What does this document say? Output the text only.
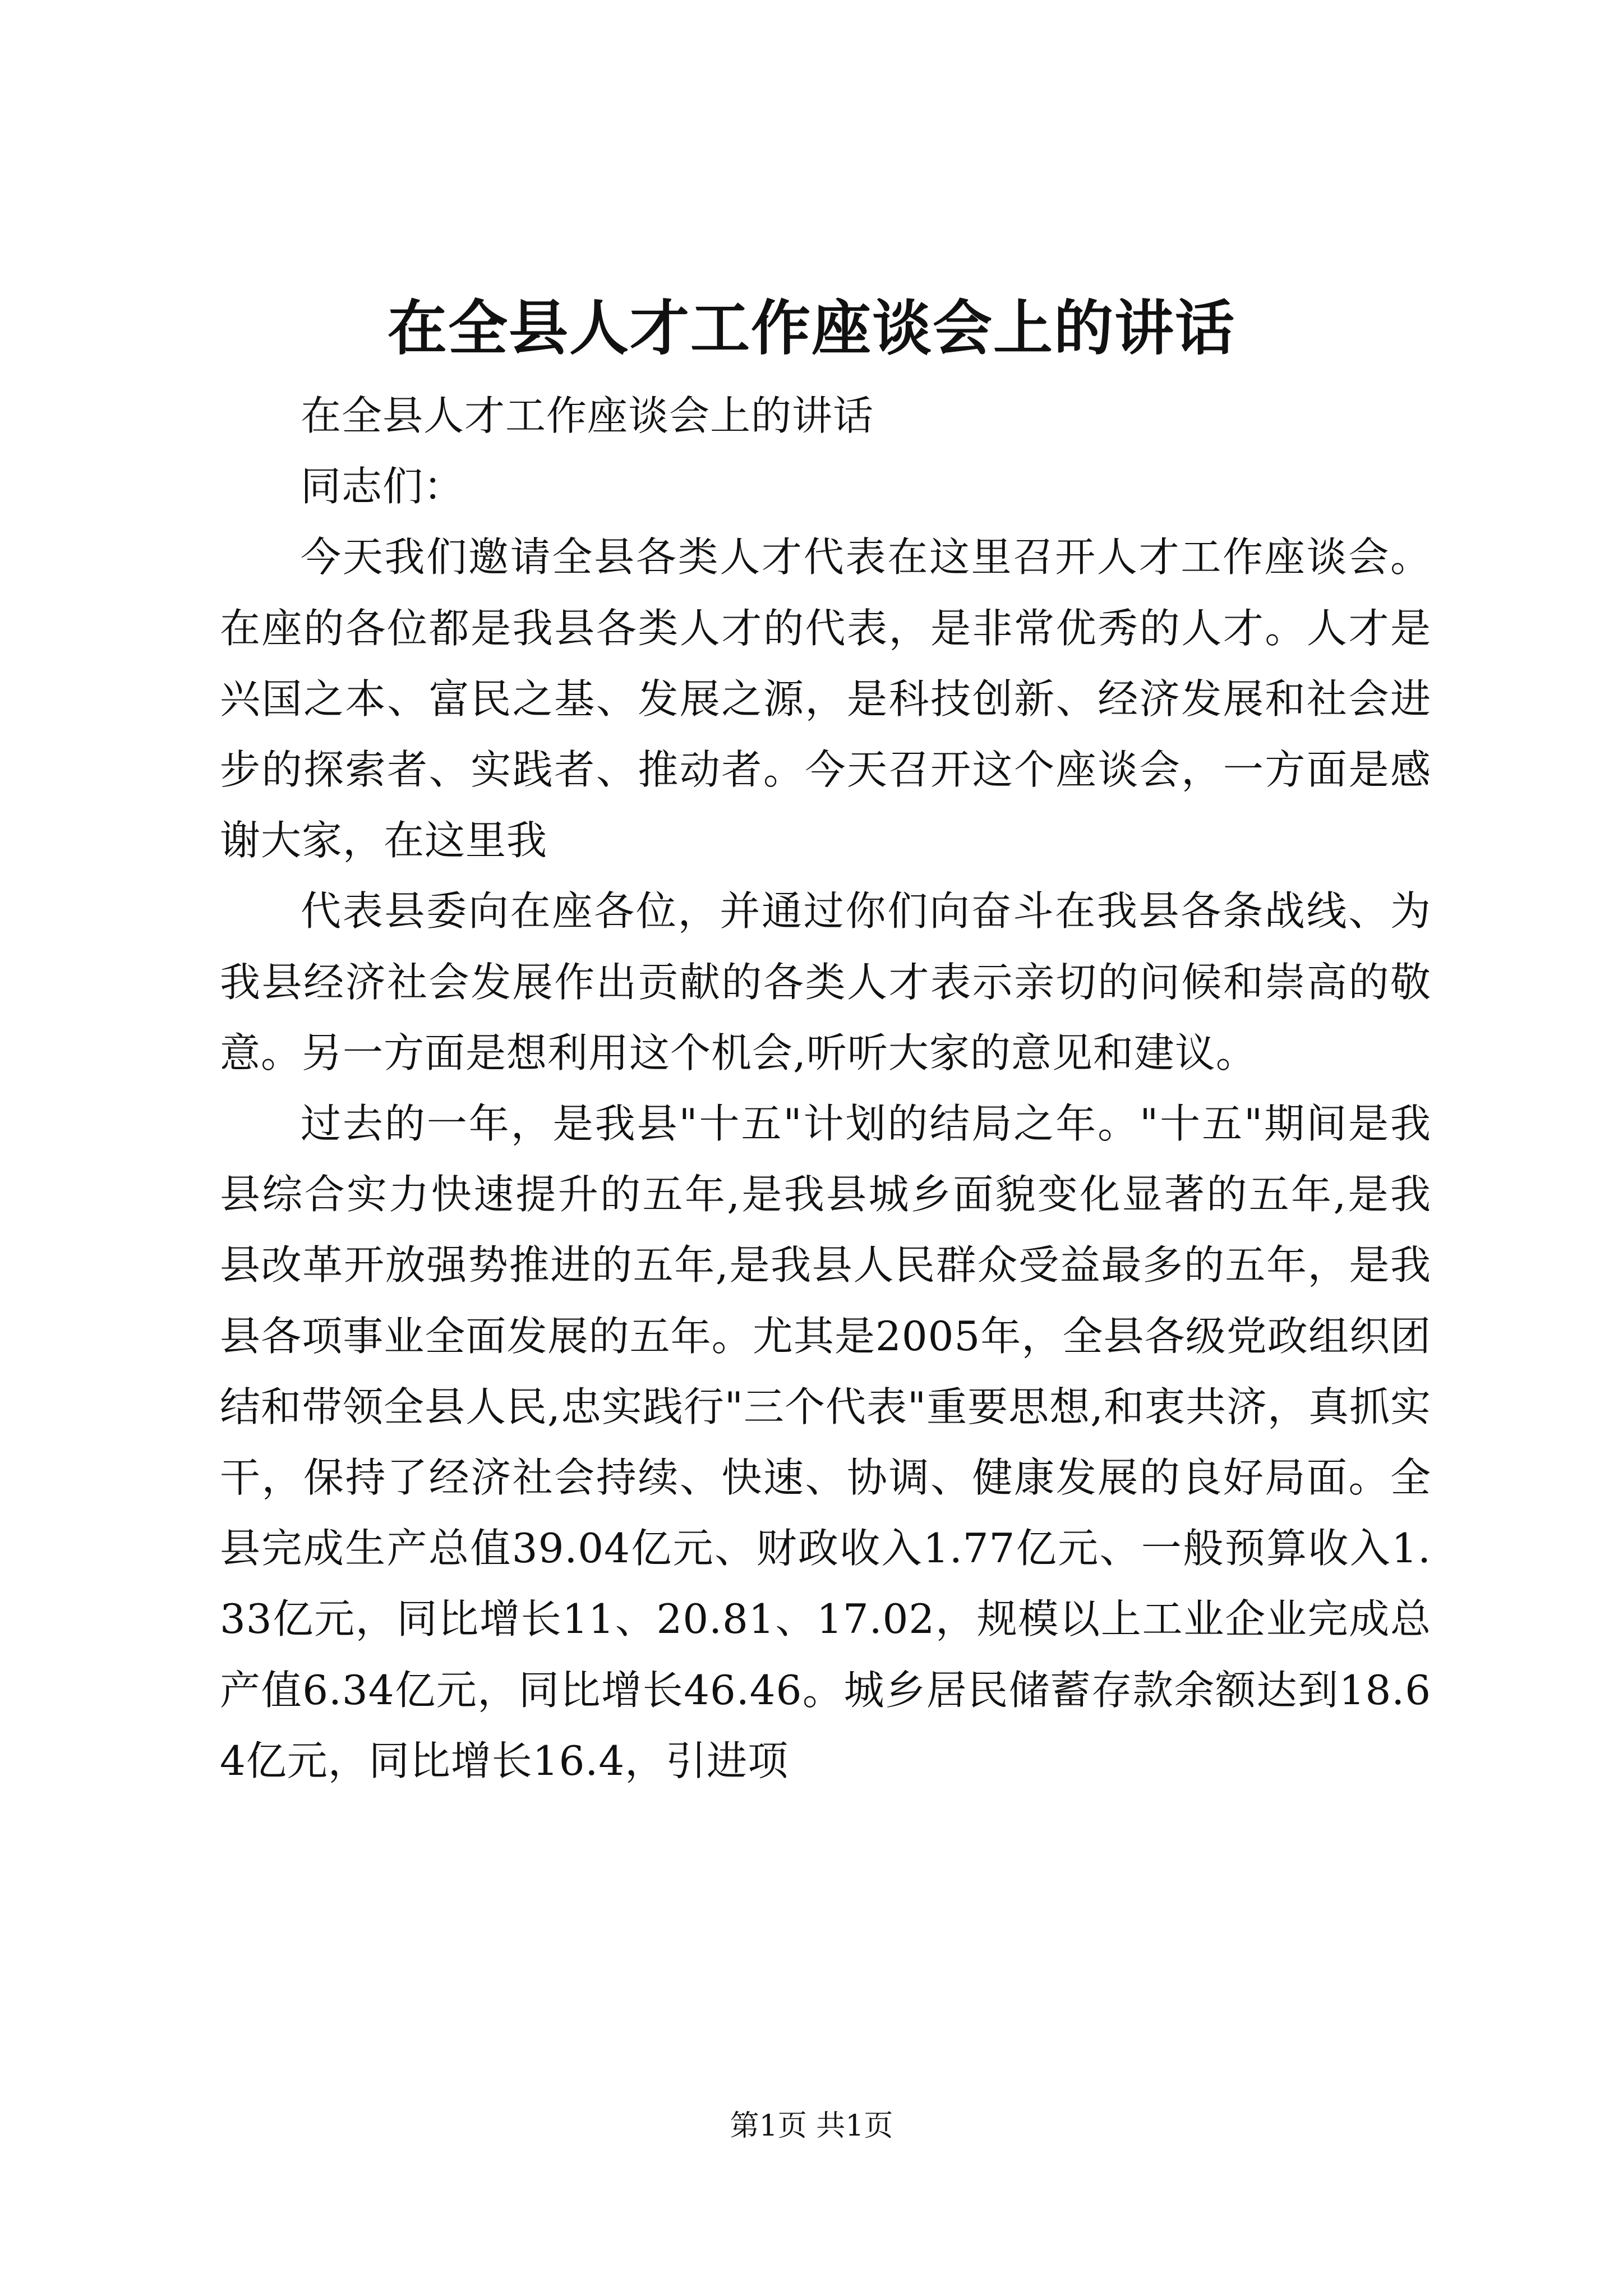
在全县人才工作座谈会上的讲话

在全县人才工作座谈会上的讲话

同志们：

今天我们邀请全县各类人才代表在这里召开人才工作座谈会。在座的各位都是我县各类人才的代表，是非常优秀的人才。人才是兴国之本、富民之基、发展之源，是科技创新、经济发展和社会进步的探索者、实践者、推动者。今天召开这个座谈会，一方面是感谢大家，在这里我

代表县委向在座各位，并通过你们向奋斗在我县各条战线、为我县经济社会发展作出贡献的各类人才表示亲切的问候和崇高的敬意。另一方面是想利用这个机会,听听大家的意见和建议。

过去的一年，是我县"十五"计划的结局之年。"十五"期间是我县综合实力快速提升的五年,是我县城乡面貌变化显著的五年,是我县改革开放强势推进的五年,是我县人民群众受益最多的五年，是我县各项事业全面发展的五年。尤其是2005年，全县各级党政组织团结和带领全县人民,忠实践行"三个代表"重要思想,和衷共济，真抓实干，保持了经济社会持续、快速、协调、健康发展的良好局面。全县完成生产总值39.04亿元、财政收入1.77亿元、一般预算收入1.33亿元，同比增长11、20.81、17.02，规模以上工业企业完成总产值6.34亿元，同比增长46.46。城乡居民储蓄存款余额达到18.64亿元，同比增长16.4，引进项

第1页 共1页
